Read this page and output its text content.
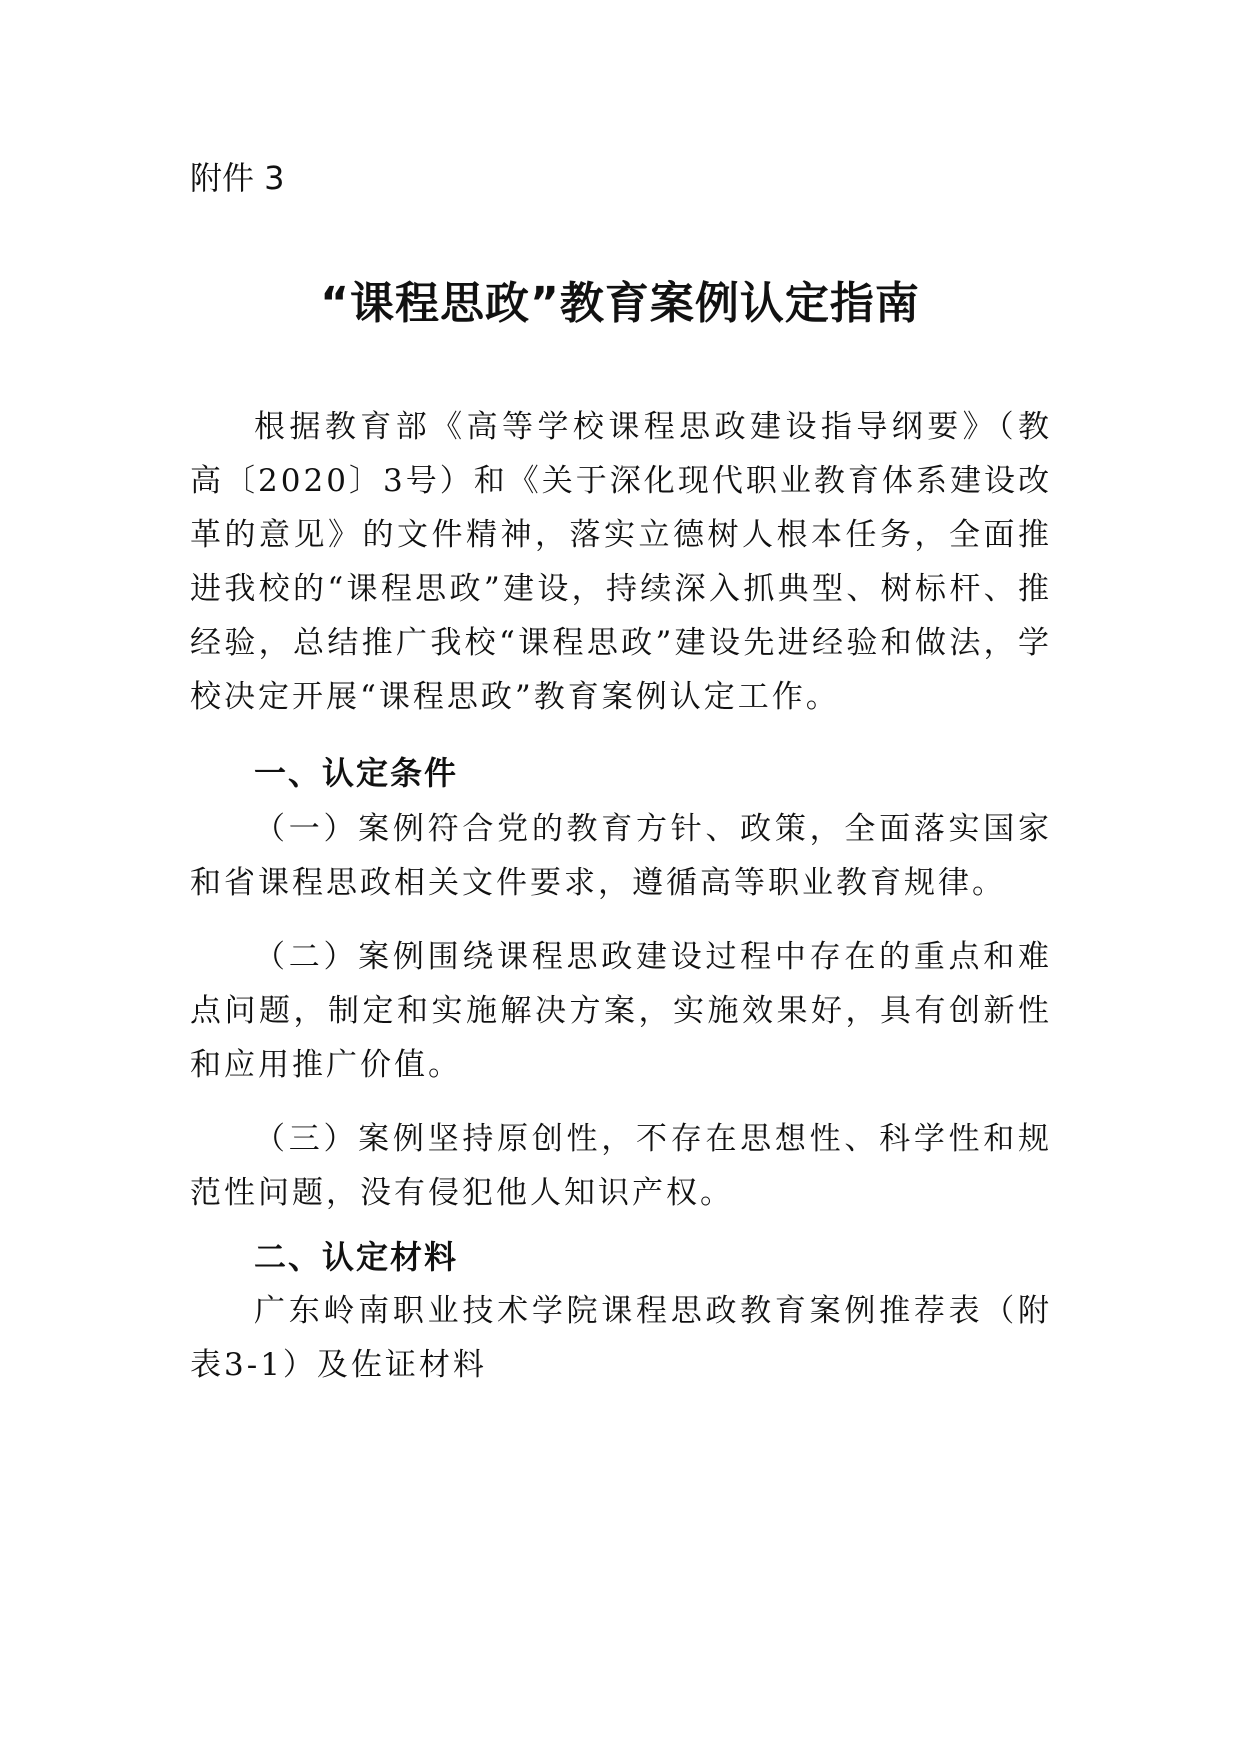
附件 3

“课程思政”教育案例认定指南

根据教育部《高等学校课程思政建设指导纲要》（教高〔2020〕3号）和《关于深化现代职业教育体系建设改革的意见》的文件精神，落实立德树人根本任务，全面推进我校的“课程思政”建设，持续深入抓典型、树标杆、推经验，总结推广我校“课程思政”建设先进经验和做法，学校决定开展“课程思政”教育案例认定工作。

一、认定条件

（一）案例符合党的教育方针、政策，全面落实国家和省课程思政相关文件要求，遵循高等职业教育规律。

（二）案例围绕课程思政建设过程中存在的重点和难点问题，制定和实施解决方案，实施效果好，具有创新性和应用推广价值。

（三）案例坚持原创性，不存在思想性、科学性和规范性问题，没有侵犯他人知识产权。

二、认定材料

广东岭南职业技术学院课程思政教育案例推荐表（附表3-1）及佐证材料
